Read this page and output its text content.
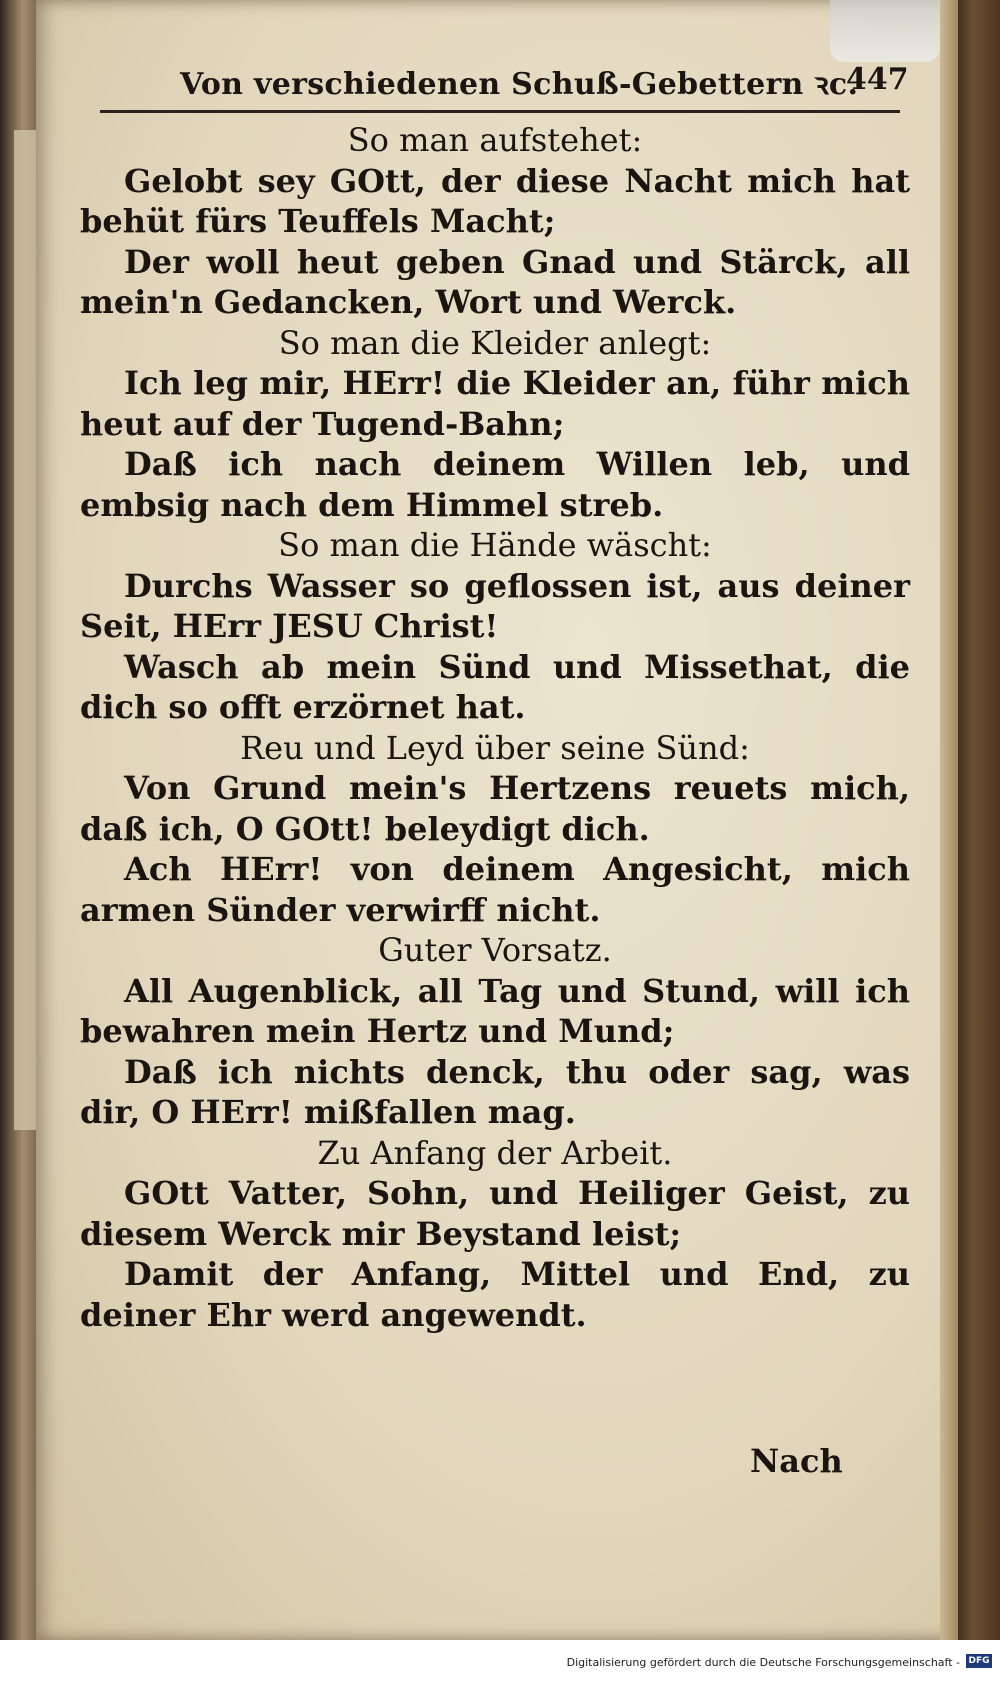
Von verschiedenen Schuß-Gebettern ꝛc.
447
So man aufstehet:
Gelobt sey GOtt, der diese Nacht mich hat behüt fürs Teuffels Macht;
Der woll heut geben Gnad und Stärck, all mein'n Gedancken, Wort und Werck.
So man die Kleider anlegt:
Ich leg mir, HErr! die Kleider an, führ mich heut auf der Tugend-Bahn;
Daß ich nach deinem Willen leb, und embsig nach dem Himmel streb.
So man die Hände wäscht:
Durchs Wasser so geflossen ist, aus deiner Seit, HErr JESU Christ!
Wasch ab mein Sünd und Missethat, die dich so offt erzörnet hat.
Reu und Leyd über seine Sünd:
Von Grund mein's Hertzens reuets mich, daß ich, O GOtt! beleydigt dich.
Ach HErr! von deinem Angesicht, mich armen Sünder verwirff nicht.
Guter Vorsatz.
All Augenblick, all Tag und Stund, will ich bewahren mein Hertz und Mund;
Daß ich nichts denck, thu oder sag, was dir, O HErr! mißfallen mag.
Zu Anfang der Arbeit.
GOtt Vatter, Sohn, und Heiliger Geist, zu diesem Werck mir Beystand leist;
Damit der Anfang, Mittel und End, zu deiner Ehr werd angewendt.
Nach
Digitalisierung gefördert durch die Deutsche Forschungsgemeinschaft - DFG
